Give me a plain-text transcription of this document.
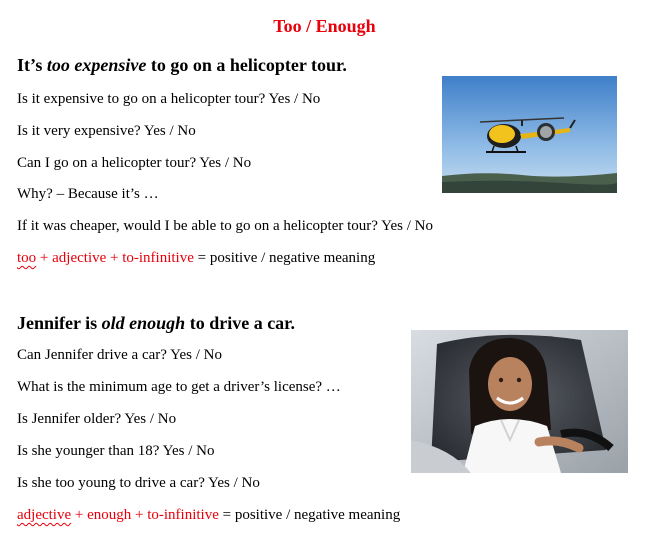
Too / Enough
It’s too expensive to go on a helicopter tour.
Is it expensive to go on a helicopter tour? Yes / No
Is it very expensive? Yes / No
Can I go on a helicopter tour? Yes / No
Why? – Because it’s …
If it was cheaper, would I be able to go on a helicopter tour? Yes / No
too + adjective + to-infinitive = positive / negative meaning
Jennifer is old enough to drive a car.
Can Jennifer drive a car? Yes / No
What is the minimum age to get a driver’s license? …
Is Jennifer older? Yes / No
Is she younger than 18? Yes / No
Is she too young to drive a car? Yes / No
adjective + enough + to-infinitive = positive / negative meaning
